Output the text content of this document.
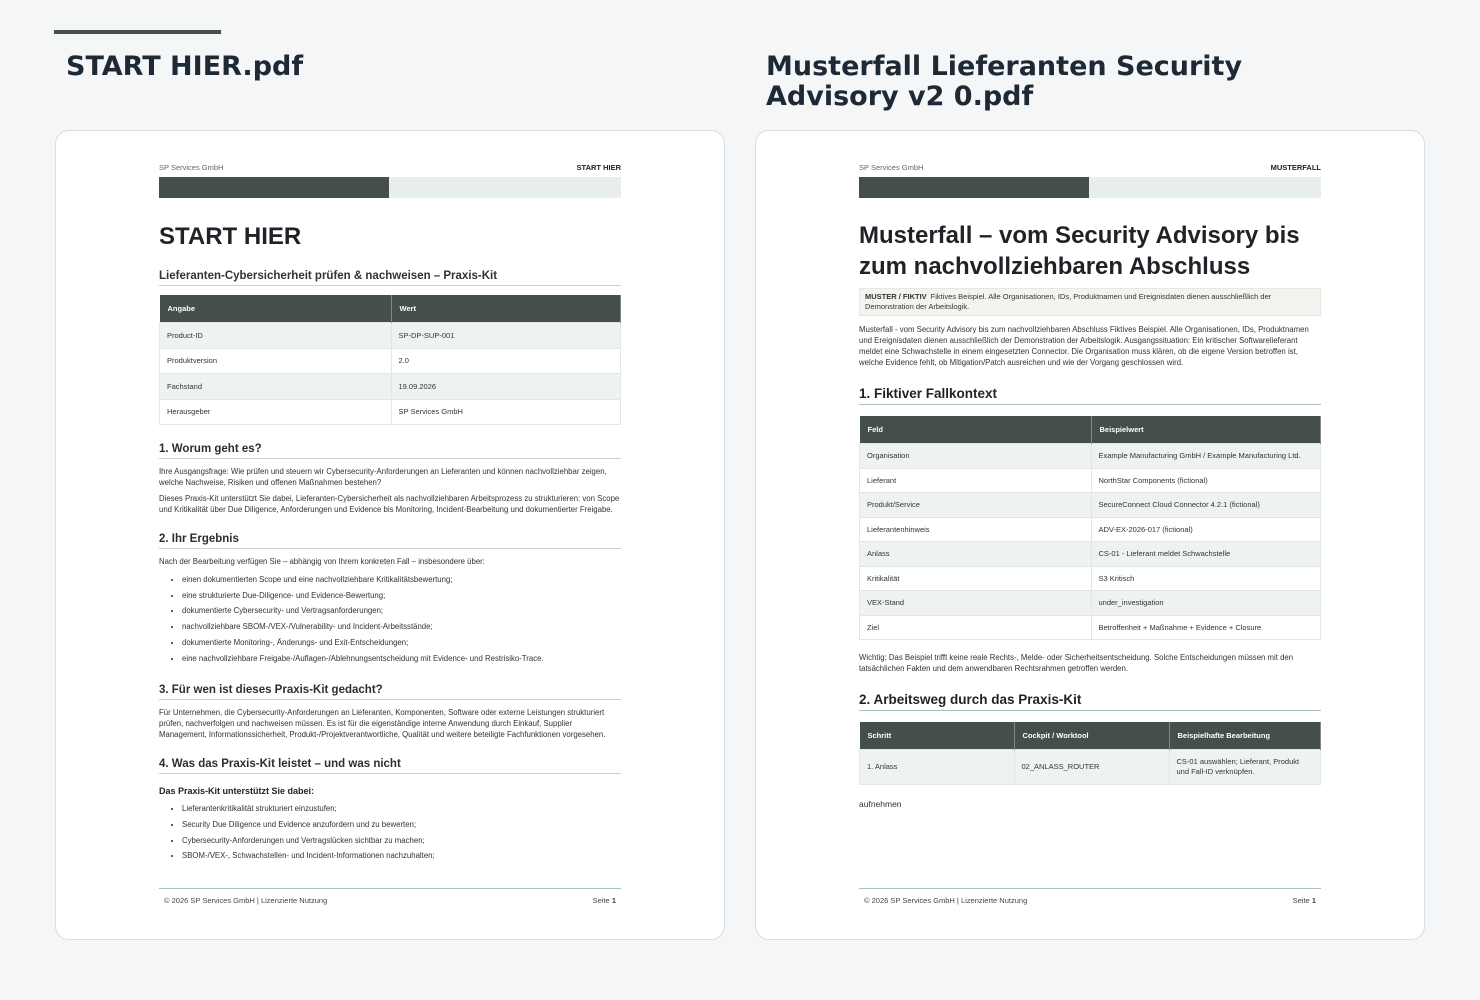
START HIER.pdf	Musterfall Lieferanten Security Advisory v2 0.pdf
SP Services GmbH	START HIER
START HIER
Lieferanten-Cybersicherheit prüfen & nachweisen – Praxis-Kit
Angabe	Wert
Product-ID	SP-DP-SUP-001
Produktversion	2.0
Fachstand	19.09.2026
Herausgeber	SP Services GmbH
1. Worum geht es?

Ihre Ausgangsfrage: Wie prüfen und steuern wir Cybersecurity-Anforderungen an Lieferanten und können nachvollziehbar zeigen, welche Nachweise, Risiken und offenen Maßnahmen bestehen?

Dieses Praxis-Kit unterstützt Sie dabei, Lieferanten-Cybersicherheit als nachvollziehbaren Arbeitsprozess zu strukturieren: von Scope und Kritikalität über Due Diligence, Anforderungen und Evidence bis Monitoring, Incident-Bearbeitung und dokumentierter Freigabe.

2. Ihr Ergebnis

Nach der Bearbeitung verfügen Sie – abhängig von Ihrem konkreten Fall – insbesondere über:

• einen dokumentierten Scope und eine nachvollziehbare Kritikalitätsbewertung;
• eine strukturierte Due-Diligence- und Evidence-Bewertung;
• dokumentierte Cybersecurity- und Vertragsanforderungen;
• nachvollziehbare SBOM-/VEX-/Vulnerability- und Incident-Arbeitsstände;
• dokumentierte Monitoring-, Änderungs- und Exit-Entscheidungen;
• eine nachvollziehbare Freigabe-/Auflagen-/Ablehnungsentscheidung mit Evidence- und Restrisiko-Trace.
3. Für wen ist dieses Praxis-Kit gedacht?

Für Unternehmen, die Cybersecurity-Anforderungen an Lieferanten, Komponenten, Software oder externe Leistungen strukturiert prüfen, nachverfolgen und nachweisen müssen. Es ist für die eigenständige interne Anwendung durch Einkauf, Supplier Management, Informationssicherheit, Produkt-/Projektverantwortliche, Qualität und weitere beteiligte Fachfunktionen vorgesehen.

4. Was das Praxis-Kit leistet – und was nicht
Das Praxis-Kit unterstützt Sie dabei:
• Lieferantenkritikalität strukturiert einzustufen;
• Security Due Diligence und Evidence anzufordern und zu bewerten;
• Cybersecurity-Anforderungen und Vertragslücken sichtbar zu machen;
• SBOM-/VEX-, Schwachstellen- und Incident-Informationen nachzuhalten;
© 2026 SP Services GmbH | Lizenzierte Nutzung	Seite 1
SP Services GmbH	MUSTERFALL
Musterfall – vom Security Advisory bis zum nachvollziehbaren Abschluss
MUSTER / FIKTIV Fiktives Beispiel. Alle Organisationen, IDs, Produktnamen und Ereignisdaten dienen ausschließlich der Demonstration der Arbeitslogik.

Musterfall - vom Security Advisory bis zum nachvollziehbaren Abschluss Fiktives Beispiel. Alle Organisationen, IDs, Produktnamen und Ereignisdaten dienen ausschließlich der Demonstration der Arbeitslogik. Ausgangssituation: Ein kritischer Softwarelieferant meldet eine Schwachstelle in einem eingesetzten Connector. Die Organisation muss klären, ob die eigene Version betroffen ist, welche Evidence fehlt, ob Mitigation/Patch ausreichen und wie der Vorgang geschlossen wird.

1. Fiktiver Fallkontext
Feld	Beispielwert
Organisation	Example Manufacturing GmbH / Example Manufacturing Ltd.
Lieferant	NorthStar Components (fictional)
Produkt/Service	SecureConnect Cloud Connector 4.2.1 (fictional)
Lieferantenhinweis	ADV-EX-2026-017 (fictional)
Anlass	CS-01 - Lieferant meldet Schwachstelle
Kritikalität	S3 Kritisch
VEX-Stand	under_investigation
Ziel	Betroffenheit + Maßnahme + Evidence + Closure

Wichtig: Das Beispiel trifft keine reale Rechts-, Melde- oder Sicherheitsentscheidung. Solche Entscheidungen müssen mit den tatsächlichen Fakten und dem anwendbaren Rechtsrahmen getroffen werden.

2. Arbeitsweg durch das Praxis-Kit
Schritt	Cockpit / Worktool	Beispielhafte Bearbeitung
1. Anlass	02_ANLASS_ROUTER	CS-01 auswählen; Lieferant, Produkt und Fall-ID verknüpfen.
aufnehmen
© 2026 SP Services GmbH | Lizenzierte Nutzung	Seite 1
